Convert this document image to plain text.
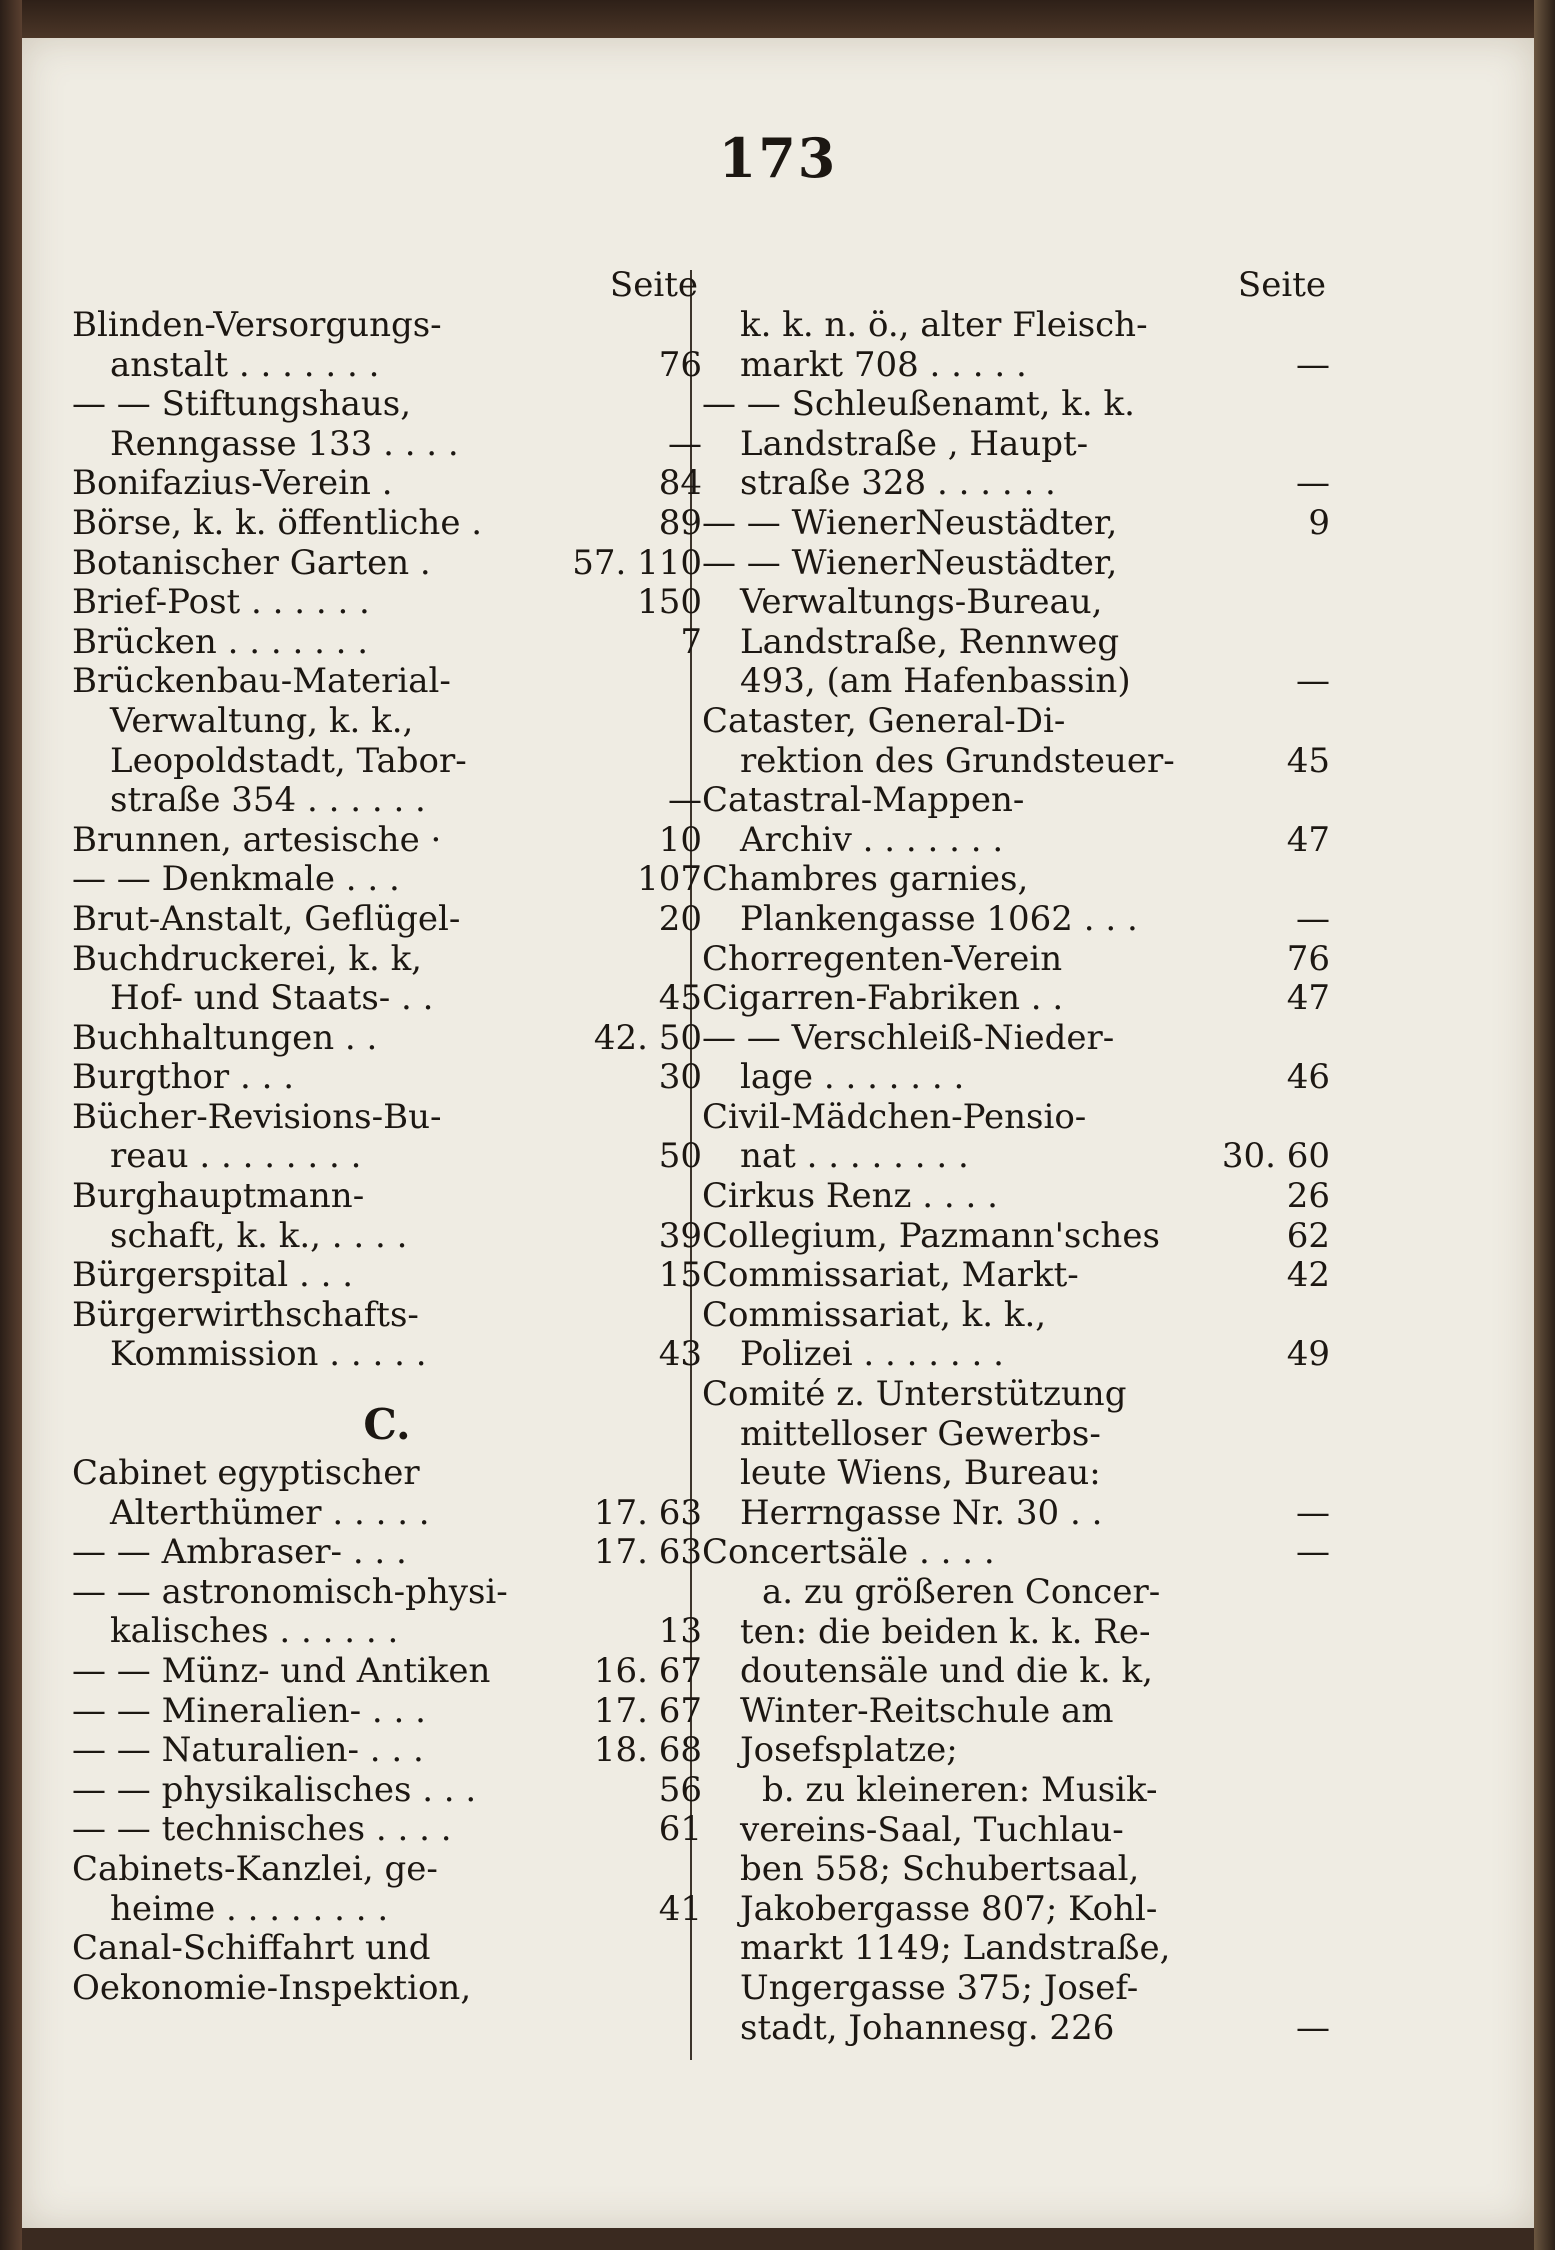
173
Seite
Blinden-Versorgungs-
anstalt . . . . . . .	76
— — Stiftungshaus,
Renngasse 133 . . . .	—
Bonifazius-Verein .	84
Börse, k. k. öffentliche .	89
Botanischer Garten .	57. 110
Brief-Post . . . . . .	150
Brücken . . . . . . .	7
Brückenbau-Material-
Verwaltung, k. k.,
Leopoldstadt, Tabor-
straße 354 . . . . . .	—
Brunnen, artesische ·	10
— — Denkmale . . .	107
Brut-Anstalt, Geflügel-	20
Buchdruckerei, k. k,
Hof- und Staats- . .	45
Buchhaltungen . .	42. 50
Burgthor . . .	30
Bücher-Revisions-Bu-
reau . . . . . . . .	50
Burghauptmann-
schaft, k. k., . . . .	39
Bürgerspital . . .	15
Bürgerwirthschafts-
Kommission . . . . .	43
C.
Cabinet egyptischer
Alterthümer . . . . .	17. 63
— — Ambraser- . . .	17. 63
— — astronomisch-physi-
kalisches . . . . . .	13
— — Münz- und Antiken	16. 67
— — Mineralien- . . .	17. 67
— — Naturalien- . . .	18. 68
— — physikalisches . . .	56
— — technisches . . . .	61
Cabinets-Kanzlei, ge-
heime . . . . . . . .	41
Canal-Schiffahrt und
Oekonomie-Inspektion,
Seite
k. k. n. ö., alter Fleisch-
markt 708 . . . . .	—
— — Schleußenamt, k. k.
Landstraße , Haupt-
straße 328 . . . . . .	—
— — WienerNeustädter,	9
— — WienerNeustädter,
Verwaltungs-Bureau,
Landstraße, Rennweg
493, (am Hafenbassin)	—
Cataster, General-Di-
rektion des Grundsteuer-	45
Catastral-Mappen-
Archiv . . . . . . .	47
Chambres garnies,
Plankengasse 1062 . . .	—
Chorregenten-Verein	76
Cigarren-Fabriken . .	47
— — Verschleiß-Nieder-
lage . . . . . . .	46
Civil-Mädchen-Pensio-
nat . . . . . . . .	30. 60
Cirkus Renz . . . .	26
Collegium, Pazmann'sches	62
Commissariat, Markt-	42
Commissariat, k. k.,
Polizei . . . . . . .	49
Comité z. Unterstützung
mittelloser Gewerbs-
leute Wiens, Bureau:
Herrngasse Nr. 30 . .	—
Concertsäle . . . .	—
a. zu größeren Concer-
ten: die beiden k. k. Re-
doutensäle und die k. k,
Winter-Reitschule am
Josefsplatze;
b. zu kleineren: Musik-
vereins-Saal, Tuchlau-
ben 558; Schubertsaal,
Jakobergasse 807; Kohl-
markt 1149; Landstraße,
Ungergasse 375; Josef-
stadt, Johannesg. 226	—
